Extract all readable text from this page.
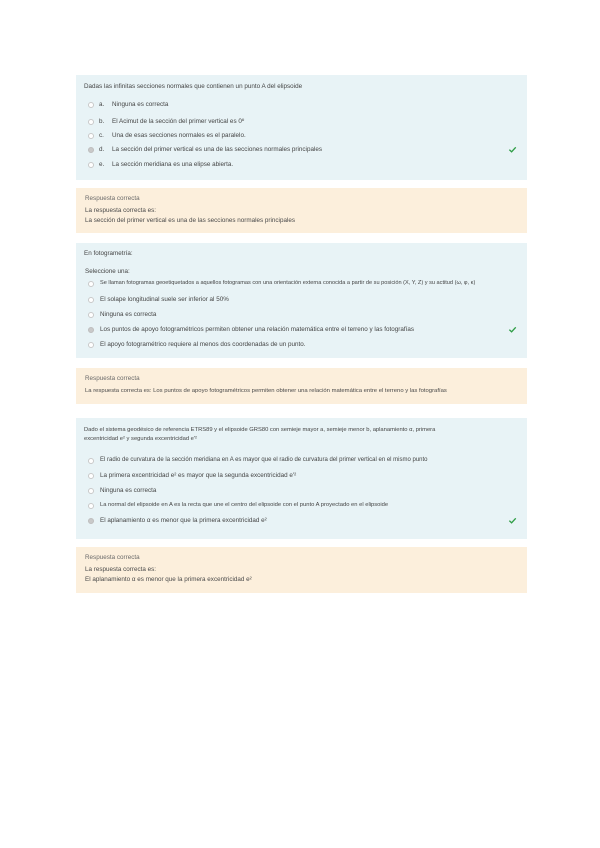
Dadas las infinitas secciones normales que contienen un punto A del elipsoide
a. Ninguna es correcta
b. El Acimut de la sección del primer vertical es 0º
c. Una de esas secciones normales es el paralelo.
d. La sección del primer vertical es una de las secciones normales principales
e. La sección meridiana es una elipse abierta.
Respuesta correcta
La respuesta correcta es:
La sección del primer vertical es una de las secciones normales principales
En fotogrametría:
Seleccione una:
Se llaman fotogramas geoetiquetados a aquellos fotogramas con una orientación externa conocida a partir de su posición (X, Y, Z) y su actitud (ω, φ, κ)
El solape longitudinal suele ser inferior al 50%
Ninguna es correcta
Los puntos de apoyo fotogramétricos permiten obtener una relación matemática entre el terreno y las fotografías
El apoyo fotogramétrico requiere al menos dos coordenadas de un punto.
Respuesta correcta
La respuesta correcta es: Los puntos de apoyo fotogramétricos permiten obtener una relación matemática entre el terreno y las fotografías
Dado el sistema geodésico de referencia ETRS89 y el elipsoide GRS80 con semieje mayor a, semieje menor b, aplanamiento α, primera
excentricidad e² y segunda excentricidad e'²
El radio de curvatura de la sección meridiana en A es mayor que el radio de curvatura del primer vertical en el mismo punto
La primera excentricidad e² es mayor que la segunda excentricidad e'²
Ninguna es correcta
La normal del elipsoide en A es la recta que une el centro del elipsoide con el punto A proyectado en el elipsoide
El aplanamiento α es menor que la primera excentricidad e²
Respuesta correcta
La respuesta correcta es:
El aplanamiento α es menor que la primera excentricidad e²
